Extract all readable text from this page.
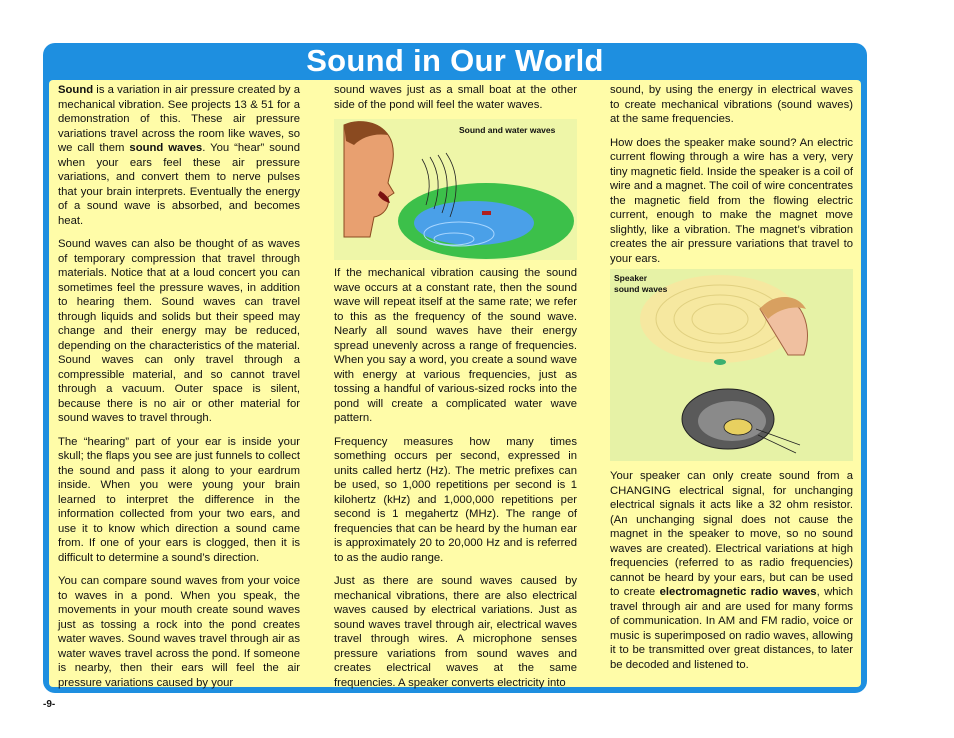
Sound in Our World

Sound is a variation in air pressure created by a mechanical vibration. See projects 13 & 51 for a demonstration of this. These air pressure variations travel across the room like waves, so we call them sound waves. You “hear” sound when your ears feel these air pressure variations, and convert them to nerve pulses that your brain interprets. Eventually the energy of a sound wave is absorbed, and becomes heat.

Sound waves can also be thought of as waves of temporary compression that travel through materials. Notice that at a loud concert you can sometimes feel the pressure waves, in addition to hearing them. Sound waves can travel through liquids and solids but their speed may change and their energy may be reduced, depending on the characteristics of the material. Sound waves can only travel through a compressible material, and so cannot travel through a vacuum. Outer space is silent, because there is no air or other material for sound waves to travel through.

The “hearing” part of your ear is inside your skull; the flaps you see are just funnels to collect the sound and pass it along to your eardrum inside. When you were young your brain learned to interpret the difference in the information collected from your two ears, and use it to know which direction a sound came from. If one of your ears is clogged, then it is difficult to determine a sound’s direction.

You can compare sound waves from your voice to waves in a pond. When you speak, the movements in your mouth create sound waves just as tossing a rock into the pond creates water waves. Sound waves travel through air as water waves travel across the pond. If someone is nearby, then their ears will feel the air pressure variations caused by your

sound waves just as a small boat at the other side of the pond will feel the water waves.

Sound and water waves

If the mechanical vibration causing the sound wave occurs at a constant rate, then the sound wave will repeat itself at the same rate; we refer to this as the frequency of the sound wave. Nearly all sound waves have their energy spread unevenly across a range of frequencies. When you say a word, you create a sound wave with energy at various frequencies, just as tossing a handful of various-sized rocks into the pond will create a complicated water wave pattern.

Frequency measures how many times something occurs per second, expressed in units called hertz (Hz). The metric prefixes can be used, so 1,000 repetitions per second is 1 kilohertz (kHz) and 1,000,000 repetitions per second is 1 megahertz (MHz). The range of frequencies that can be heard by the human ear is approximately 20 to 20,000 Hz and is referred to as the audio range.

Just as there are sound waves caused by mechanical vibrations, there are also electrical waves caused by electrical variations. Just as sound waves travel through air, electrical waves travel through wires. A microphone senses pressure variations from sound waves and creates electrical waves at the same frequencies. A speaker converts electricity into

sound, by using the energy in electrical waves to create mechanical vibrations (sound waves) at the same frequencies.

How does the speaker make sound? An electric current flowing through a wire has a very, very tiny magnetic field. Inside the speaker is a coil of wire and a magnet. The coil of wire concentrates the magnetic field from the flowing electric current, enough to make the magnet move slightly, like a vibration. The magnet’s vibration creates the air pressure variations that travel to your ears.

Speaker
sound waves

Your speaker can only create sound from a CHANGING electrical signal, for unchanging electrical signals it acts like a 32 ohm resistor. (An unchanging signal does not cause the magnet in the speaker to move, so no sound waves are created). Electrical variations at high frequencies (referred to as radio frequencies) cannot be heard by your ears, but can be used to create electromagnetic radio waves, which travel through air and are used for many forms of communication. In AM and FM radio, voice or music is superimposed on radio waves, allowing it to be transmitted over great distances, to later be decoded and listened to.

-9-
